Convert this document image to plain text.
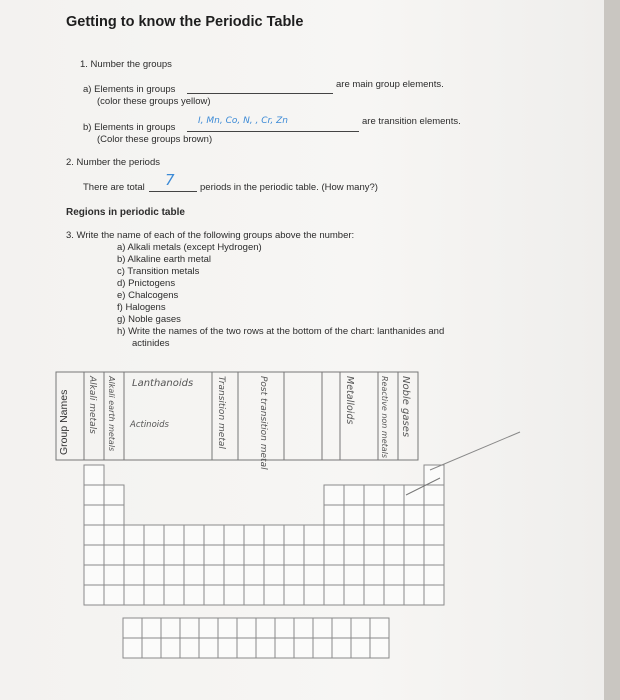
Getting to know the Periodic Table
1. Number the groups
a) Elements in groups	are main group elements.
(color these groups yellow)
b) Elements in groups
I, Mn, Co, N, , Cr, Zn	are transition elements.
(Color these groups brown)
2. Number the periods
There are total 7	periods in the periodic table. (How many?)
Regions in periodic table
3. Write the name of each of the following groups above the number:
a) Alkali metals (except Hydrogen)
b) Alkaline earth metal
c) Transition metals
d) Pnictogens
e) Chalcogens
f) Halogens
g) Noble gases
h) Write the names of the two rows at the bottom of the chart: lanthanides and
actinides
Group Names Alkali metals Alkali earth metals Lanthanoids
Actinoids	Transition metal	Post transition metal	Metalloids	Reactive non metals Noble gases
